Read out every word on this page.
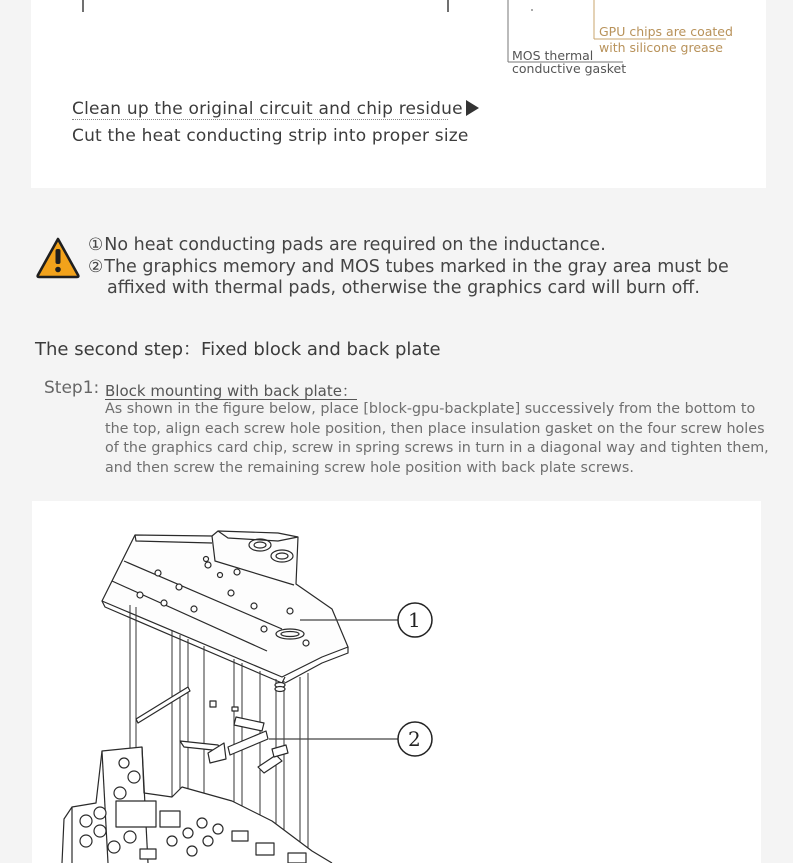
GPU chips are coated
with silicone grease
MOS thermal
conductive gasket
Clean up the original circuit and chip residue
Cut the heat conducting strip into proper size
①No heat conducting pads are required on the inductance.
②The graphics memory and MOS tubes marked in the gray area must be
affixed with thermal pads, otherwise the graphics card will burn off.
The second step：Fixed block and back plate
Step1: Block mounting with back plate：
As shown in the figure below, place [block-gpu-backplate] successively from the bottom to
the top, align each screw hole position, then place insulation gasket on the four screw holes
of the graphics card chip, screw in spring screws in turn in a diagonal way and tighten them,
and then screw the remaining screw hole position with back plate screws.
1
2
